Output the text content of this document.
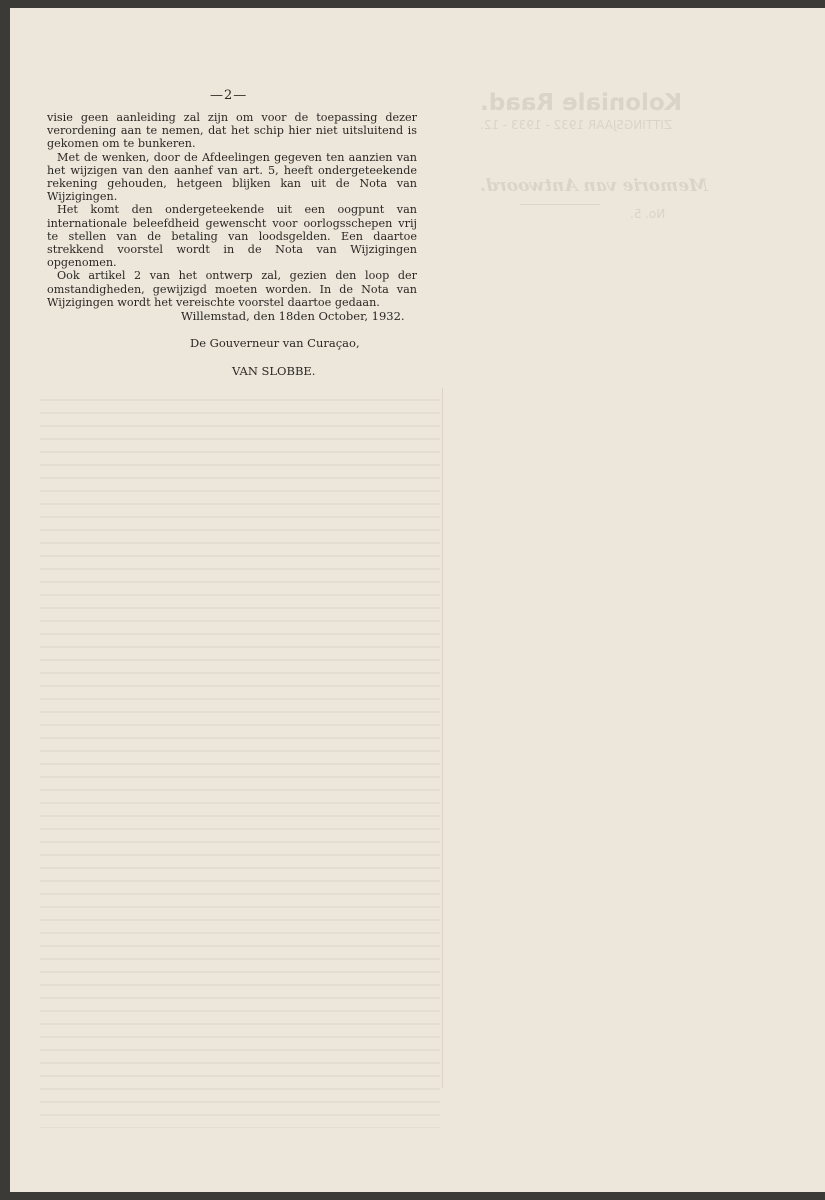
Koloniale Raad.
ZITTINGSJAAR 1932 - 1933 - 12.
Memorie van Antwoord.
No. 5.
—2—

visie geen aanleiding zal zijn om voor de toepassing dezer verordening aan te nemen, dat het schip hier niet uitsluitend is gekomen om te bunkeren.

Met de wenken, door de Afdeelingen gegeven ten aanzien van het wijzigen van den aanhef van art. 5, heeft ondergeteekende rekening gehouden, hetgeen blijken kan uit de Nota van Wijzigingen.

Het komt den ondergeteekende uit een oogpunt van internationale beleefdheid gewenscht voor oorlogsschepen vrij te stellen van de betaling van loodsgelden. Een daartoe strekkend voorstel wordt in de Nota van Wijzigingen opgenomen.

Ook artikel 2 van het ontwerp zal, gezien den loop der omstandigheden, gewijzigd moeten worden. In de Nota van Wijzigingen wordt het vereischte voorstel daartoe gedaan.

Willemstad, den 18den October, 1932.
De Gouverneur van Curaçao,
VAN SLOBBE.
